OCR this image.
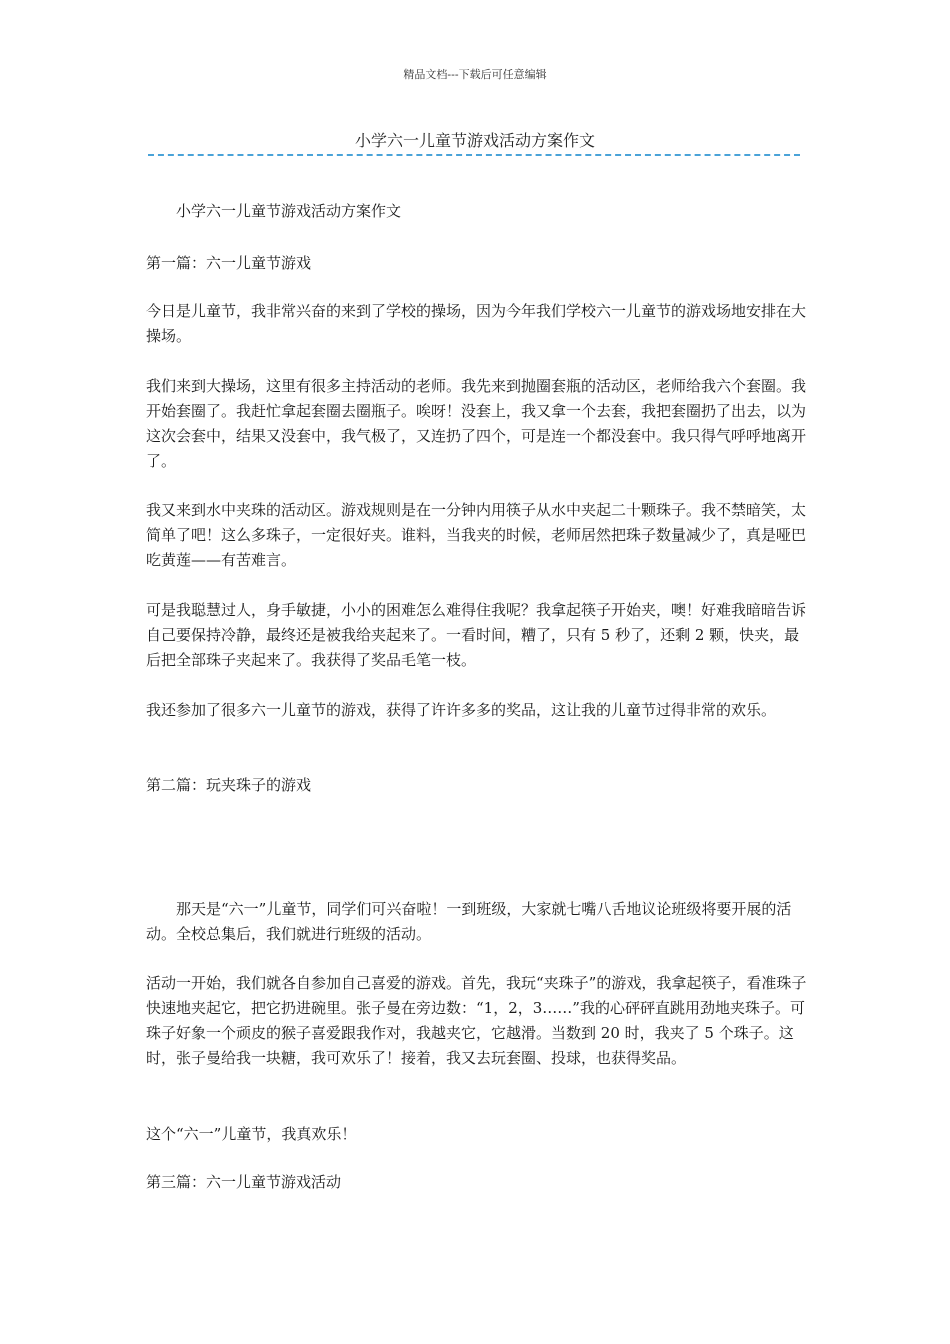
精品文档---下载后可任意编辑
小学六一儿童节游戏活动方案作文
小学六一儿童节游戏活动方案作文
第一篇：六一儿童节游戏
今日是儿童节，我非常兴奋的来到了学校的操场，因为今年我们学校六一儿童节的游戏场地安排在大操场。
我们来到大操场，这里有很多主持活动的老师。我先来到抛圈套瓶的活动区，老师给我六个套圈。我开始套圈了。我赶忙拿起套圈去圈瓶子。唉呀！没套上，我又拿一个去套，我把套圈扔了出去，以为这次会套中，结果又没套中，我气极了，又连扔了四个，可是连一个都没套中。我只得气呼呼地离开了。
我又来到水中夹珠的活动区。游戏规则是在一分钟内用筷子从水中夹起二十颗珠子。我不禁暗笑，太简单了吧！这么多珠子，一定很好夹。谁料，当我夹的时候，老师居然把珠子数量减少了，真是哑巴吃黄莲——有苦难言。
可是我聪慧过人，身手敏捷，小小的困难怎么难得住我呢？我拿起筷子开始夹，噢！好难我暗暗告诉自己要保持冷静，最终还是被我给夹起来了。一看时间，糟了，只有 5 秒了，还剩 2 颗，快夹，最后把全部珠子夹起来了。我获得了奖品毛笔一枝。
我还参加了很多六一儿童节的游戏，获得了许许多多的奖品，这让我的儿童节过得非常的欢乐。
第二篇：玩夹珠子的游戏
那天是“六一”儿童节，同学们可兴奋啦！一到班级，大家就七嘴八舌地议论班级将要开展的活动。全校总集后，我们就进行班级的活动。
活动一开始，我们就各自参加自己喜爱的游戏。首先，我玩“夹珠子”的游戏，我拿起筷子，看准珠子快速地夹起它，把它扔进碗里。张子曼在旁边数：“1，2，3……”我的心砰砰直跳用劲地夹珠子。可珠子好象一个顽皮的猴子喜爱跟我作对，我越夹它，它越滑。当数到 20 时，我夹了 5 个珠子。这时，张子曼给我一块糖，我可欢乐了！接着，我又去玩套圈、投球，也获得奖品。
这个“六一”儿童节，我真欢乐！
第三篇：六一儿童节游戏活动
